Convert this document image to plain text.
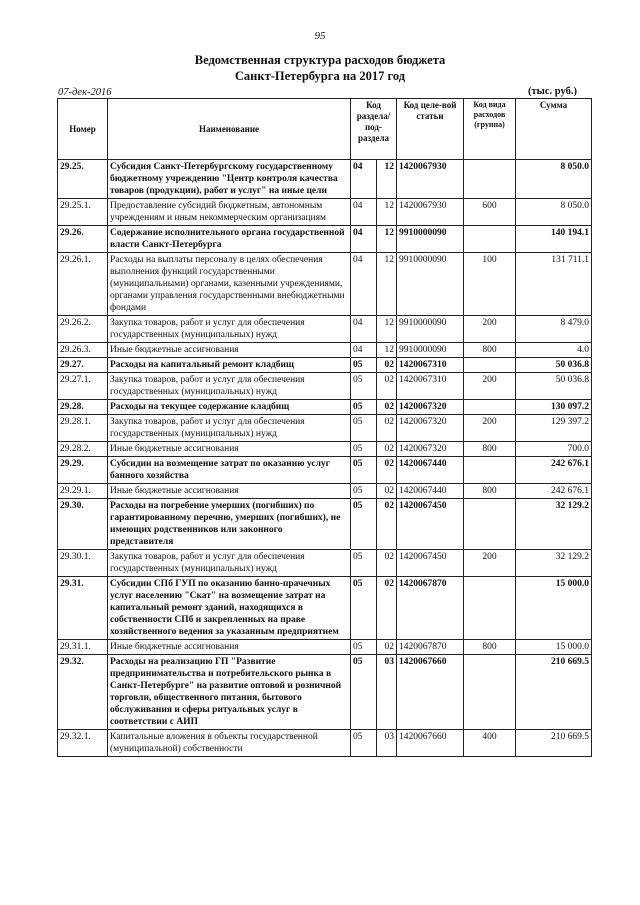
95
Ведомственная структура расходов бюджета
Санкт-Петербурга на 2017 год
07-дек-2016	(тыс. руб.)
Номер	Наименование	Код раздела/ под-раздела		Код целе-вой статьи	Код вида расходов (группа)	Сумма
29.25.	Субсидия Санкт-Петербургскому государственному бюджетному учреждению "Центр контроля качества товаров (продукции), работ и услуг" на иные цели	04	12	1420067930		8 050.0
29.25.1.	Предоставление субсидий бюджетным, автономным учреждениям и иным некоммерческим организациям	04	12	1420067930	600	8 050.0
29.26.	Содержание исполнительного органа государственной власти Санкт-Петербурга	04	12	9910000090		140 194.1
29.26.1.	Расходы на выплаты персоналу в целях обеспечения выполнения функций государственными (муниципальными) органами, казенными учреждениями, органами управления государственными внебюджетными фондами	04	12	9910000090	100	131 711.1
29.26.2.	Закупка товаров, работ и услуг для обеспечения государственных (муниципальных) нужд	04	12	9910000090	200	8 479.0
29.26.3.	Иные бюджетные ассигнования	04	12	9910000090	800	4.0
29.27.	Расходы на капитальный ремонт кладбищ	05	02	1420067310		50 036.8
29.27.1.	Закупка товаров, работ и услуг для обеспечения государственных (муниципальных) нужд	05	02	1420067310	200	50 036.8
29.28.	Расходы на текущее содержание кладбищ	05	02	1420067320		130 097.2
29.28.1.	Закупка товаров, работ и услуг для обеспечения государственных (муниципальных) нужд	05	02	1420067320	200	129 397.2
29.28.2.	Иные бюджетные ассигнования	05	02	1420067320	800	700.0
29.29.	Субсидии на возмещение затрат по оказанию услуг банного хозяйства	05	02	1420067440		242 676.1
29.29.1.	Иные бюджетные ассигнования	05	02	1420067440	800	242 676.1
29.30.	Расходы на погребение умерших (погибших) по гарантированному перечню, умерших (погибших), не имеющих родственников или законного представителя	05	02	1420067450		32 129.2
29.30.1.	Закупка товаров, работ и услуг для обеспечения государственных (муниципальных) нужд	05	02	1420067450	200	32 129.2
29.31.	Субсидии СПб ГУП по оказанию банно-прачечных услуг населению "Скат" на возмещение затрат на капитальный ремонт зданий, находящихся в собственности СПб и закрепленных на праве хозяйственного ведения за указанным предприятием	05	02	1420067870		15 000.0
29.31.1.	Иные бюджетные ассигнования	05	02	1420067870	800	15 000.0
29.32.	Расходы на реализацию ГП "Развитие предпринимательства и потребительского рынка в Санкт-Петербурге" на развитие оптовой и розничной торговли, общественного питания, бытового обслуживания и сферы ритуальных услуг в соответствии с АИП	05	03	1420067660		210 669.5
29.32.1.	Капитальные вложения в объекты государственной (муниципальной) собственности	05	03	1420067660	400	210 669.5
